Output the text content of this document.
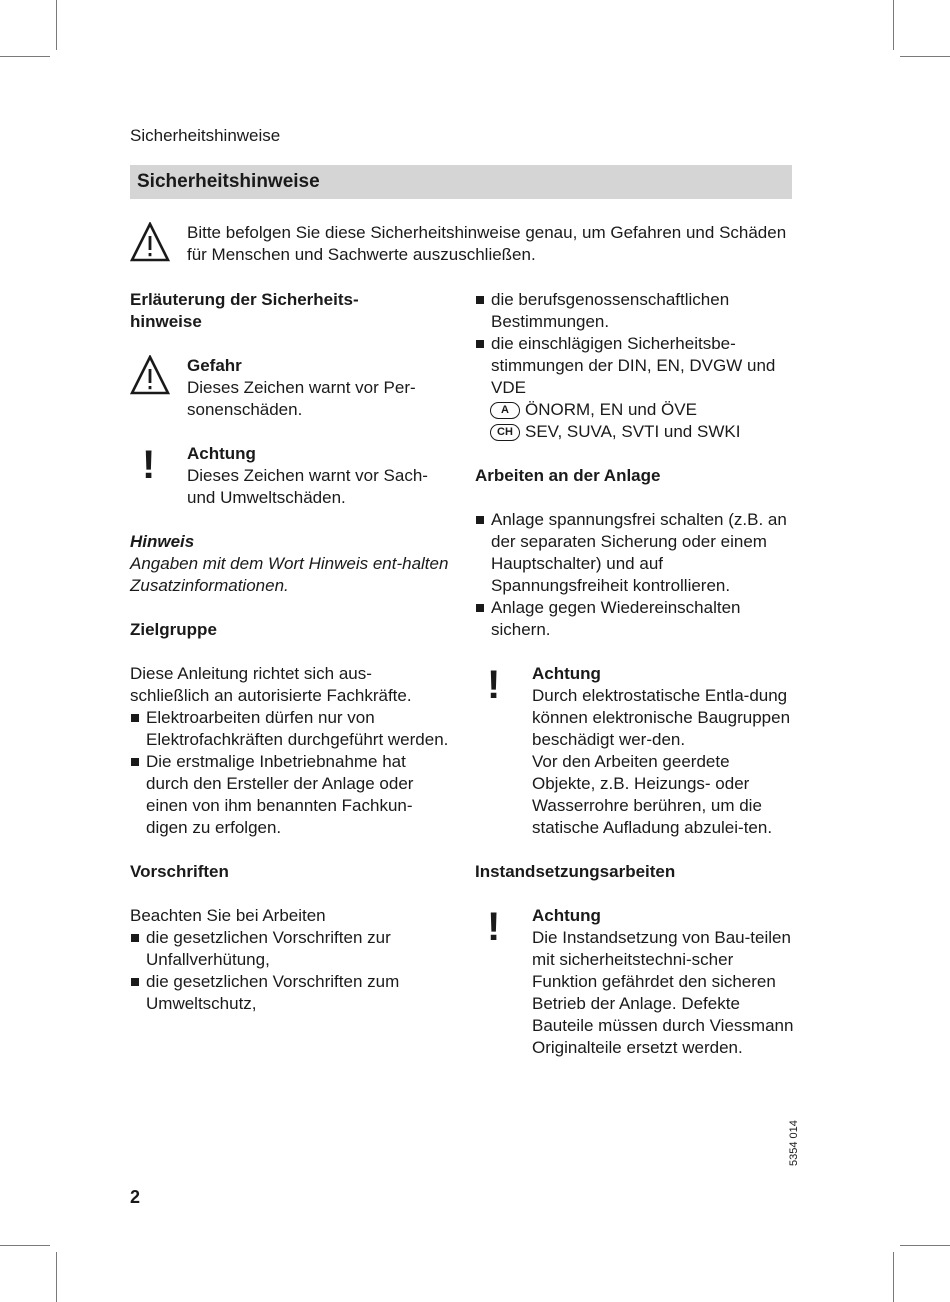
Sicherheitshinweise
Sicherheitshinweise

Bitte befolgen Sie diese Sicherheitshinweise genau, um Gefahren und Schäden für Menschen und Sachwerte auszuschließen.

Erläuterung der Sicherheits-
hinweise

Gefahr

Dieses Zeichen warnt vor Per-sonenschäden.

! Achtung

Dieses Zeichen warnt vor Sach- und Umweltschäden.

Hinweis

Angaben mit dem Wort Hinweis ent-halten Zusatzinformationen.

Zielgruppe

Diese Anleitung richtet sich aus-schließlich an autorisierte Fachkräfte.

Elektroarbeiten dürfen nur von Elektrofachkräften durchgeführt werden.
Die erstmalige Inbetriebnahme hat durch den Ersteller der Anlage oder einen von ihm benannten Fachkun-digen zu erfolgen.

Vorschriften

Beachten Sie bei Arbeiten

die gesetzlichen Vorschriften zur Unfallverhütung,
die gesetzlichen Vorschriften zum Umweltschutz,
die berufsgenossenschaftlichen Bestimmungen.
die einschlägigen Sicherheitsbe-stimmungen der DIN, EN, DVGW und VDE
A ÖNORM, EN und ÖVE
CH SEV, SUVA, SVTI und SWKI

Arbeiten an der Anlage

Anlage spannungsfrei schalten (z.B. an der separaten Sicherung oder einem Hauptschalter) und auf Spannungsfreiheit kontrollieren.
Anlage gegen Wiedereinschalten sichern.
! Achtung

Durch elektrostatische Entla-dung können elektronische Baugruppen beschädigt wer-den.

Vor den Arbeiten geerdete Objekte, z.B. Heizungs- oder Wasserrohre berühren, um die statische Aufladung abzulei-ten.

Instandsetzungsarbeiten

! Achtung

Die Instandsetzung von Bau-teilen mit sicherheitstechni-scher Funktion gefährdet den sicheren Betrieb der Anlage. Defekte Bauteile müssen durch Viessmann Originalteile ersetzt werden.

5354 014
2
